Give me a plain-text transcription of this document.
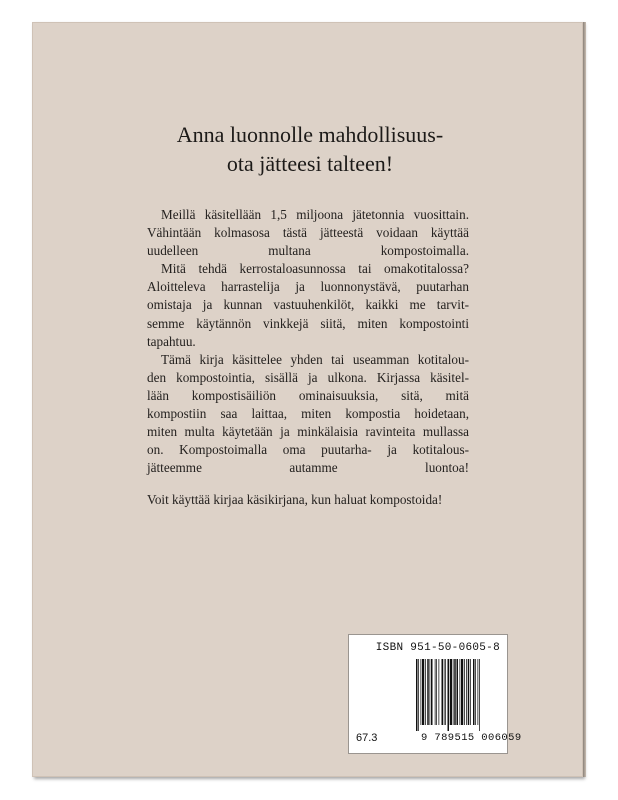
Anna luonnolle mahdollisuus-
ota jätteesi talteen!
Meillä käsitellään 1,5 miljoona jätetonnia vuosittain.
Vähintään kolmasosa tästä jätteestä voidaan käyttää
uudelleen multana kompostoimalla.
Mitä tehdä kerrostaloasunnossa tai omakotitalossa?
Aloitteleva harrastelija ja luonnonystävä, puutarhan
omistaja ja kunnan vastuuhenkilöt, kaikki me tarvit-
semme käytännön vinkkejä siitä, miten kompostointi
tapahtuu.
Tämä kirja käsittelee yhden tai useamman kotitalou-
den kompostointia, sisällä ja ulkona. Kirjassa käsitel-
lään kompostisäiliön ominaisuuksia, sitä, mitä
kompostiin saa laittaa, miten kompostia hoidetaan,
miten multa käytetään ja minkälaisia ravinteita mullassa
on. Kompostoimalla oma puutarha- ja kotitalous-
jätteemme autamme luontoa!
Voit käyttää kirjaa käsikirjana, kun haluat kompostoida!
ISBN 951-50-0605-8
67.3	9 789515 006059
